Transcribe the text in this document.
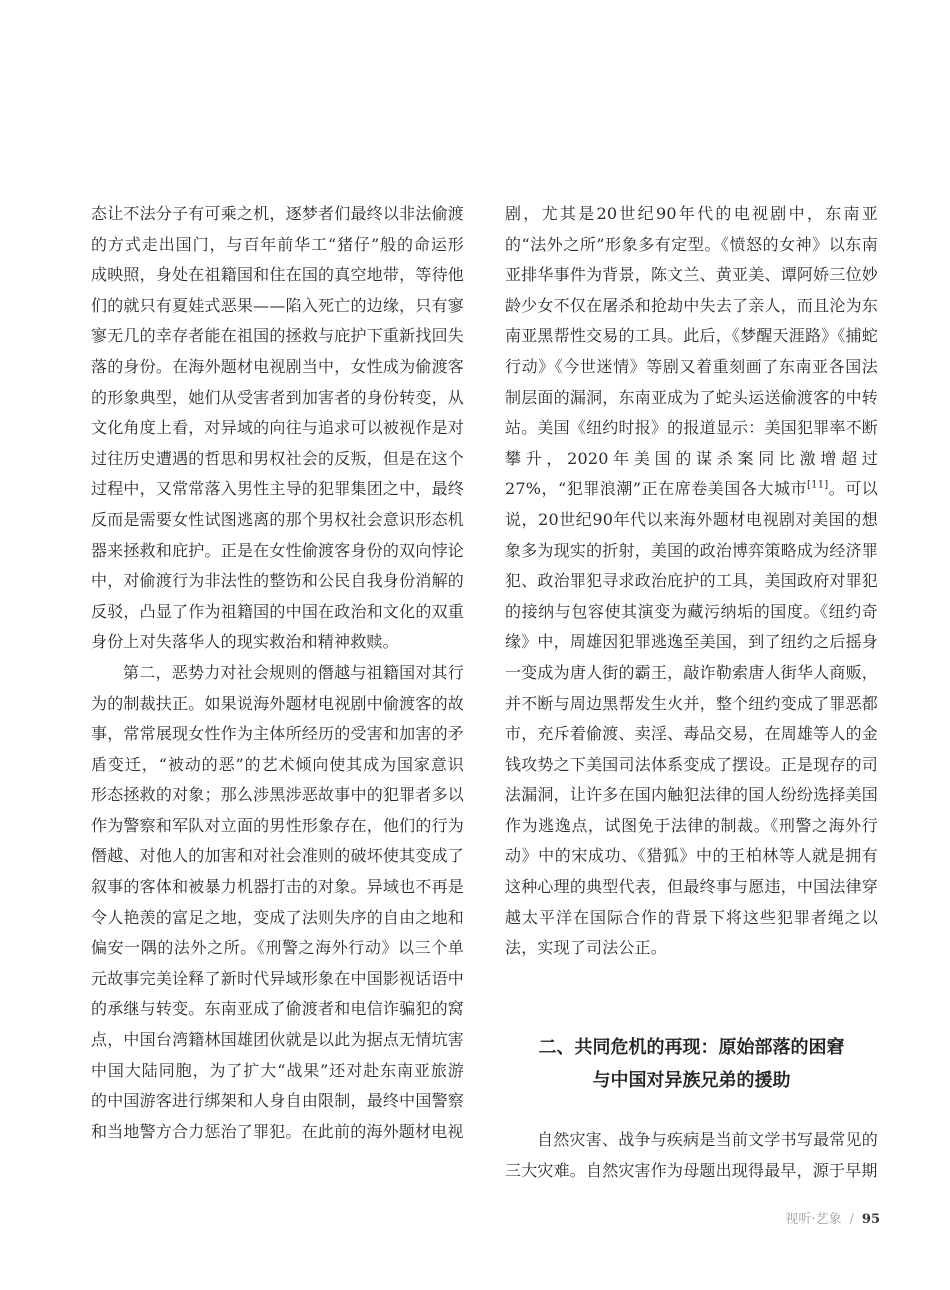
态让不法分子有可乘之机，逐梦者们最终以非法偷渡的方式走出国门，与百年前华工“猪仔”般的命运形成映照，身处在祖籍国和住在国的真空地带，等待他们的就只有夏娃式恶果——陷入死亡的边缘，只有寥寥无几的幸存者能在祖国的拯救与庇护下重新找回失落的身份。在海外题材电视剧当中，女性成为偷渡客的形象典型，她们从受害者到加害者的身份转变，从文化角度上看，对异域的向往与追求可以被视作是对过往历史遭遇的哲思和男权社会的反叛，但是在这个过程中，又常常落入男性主导的犯罪集团之中，最终反而是需要女性试图逃离的那个男权社会意识形态机器来拯救和庇护。正是在女性偷渡客身份的双向悖论中，对偷渡行为非法性的整饬和公民自我身份消解的反驳，凸显了作为祖籍国的中国在政治和文化的双重身份上对失落华人的现实救治和精神救赎。

第二，恶势力对社会规则的僭越与祖籍国对其行为的制裁扶正。如果说海外题材电视剧中偷渡客的故事，常常展现女性作为主体所经历的受害和加害的矛盾变迁，“被动的恶”的艺术倾向使其成为国家意识形态拯救的对象；那么涉黑涉恶故事中的犯罪者多以作为警察和军队对立面的男性形象存在，他们的行为僭越、对他人的加害和对社会准则的破坏使其变成了叙事的客体和被暴力机器打击的对象。异域也不再是令人艳羡的富足之地，变成了法则失序的自由之地和偏安一隅的法外之所。《刑警之海外行动》以三个单元故事完美诠释了新时代异域形象在中国影视话语中的承继与转变。东南亚成了偷渡者和电信诈骗犯的窝点，中国台湾籍林国雄团伙就是以此为据点无情坑害中国大陆同胞，为了扩大“战果”还对赴东南亚旅游的中国游客进行绑架和人身自由限制，最终中国警察和当地警方合力惩治了罪犯。在此前的海外题材电视

剧，尤其是20世纪90年代的电视剧中，东南亚的“法外之所”形象多有定型。《愤怒的女神》以东南亚排华事件为背景，陈文兰、黄亚美、谭阿娇三位妙龄少女不仅在屠杀和抢劫中失去了亲人，而且沦为东南亚黑帮性交易的工具。此后，《梦醒天涯路》《捕蛇行动》《今世迷情》等剧又着重刻画了东南亚各国法制层面的漏洞，东南亚成为了蛇头运送偷渡客的中转站。美国《纽约时报》的报道显示：美国犯罪率不断攀升，2020年美国的谋杀案同比激增超过27%，“犯罪浪潮”正在席卷美国各大城市[11]。可以说，20世纪90年代以来海外题材电视剧对美国的想象多为现实的折射，美国的政治博弈策略成为经济罪犯、政治罪犯寻求政治庇护的工具，美国政府对罪犯的接纳与包容使其演变为藏污纳垢的国度。《纽约奇缘》中，周雄因犯罪逃逸至美国，到了纽约之后摇身一变成为唐人街的霸王，敲诈勒索唐人街华人商贩，并不断与周边黑帮发生火并，整个纽约变成了罪恶都市，充斥着偷渡、卖淫、毒品交易，在周雄等人的金钱攻势之下美国司法体系变成了摆设。正是现存的司法漏洞，让许多在国内触犯法律的国人纷纷选择美国作为逃逸点，试图免于法律的制裁。《刑警之海外行动》中的宋成功、《猎狐》中的王柏林等人就是拥有这种心理的典型代表，但最终事与愿违，中国法律穿越太平洋在国际合作的背景下将这些犯罪者绳之以法，实现了司法公正。

二、共同危机的再现：原始部落的困窘
与中国对异族兄弟的援助

自然灾害、战争与疾病是当前文学书写最常见的三大灾难。自然灾害作为母题出现得最早，源于早期

视听·艺象 / 95
